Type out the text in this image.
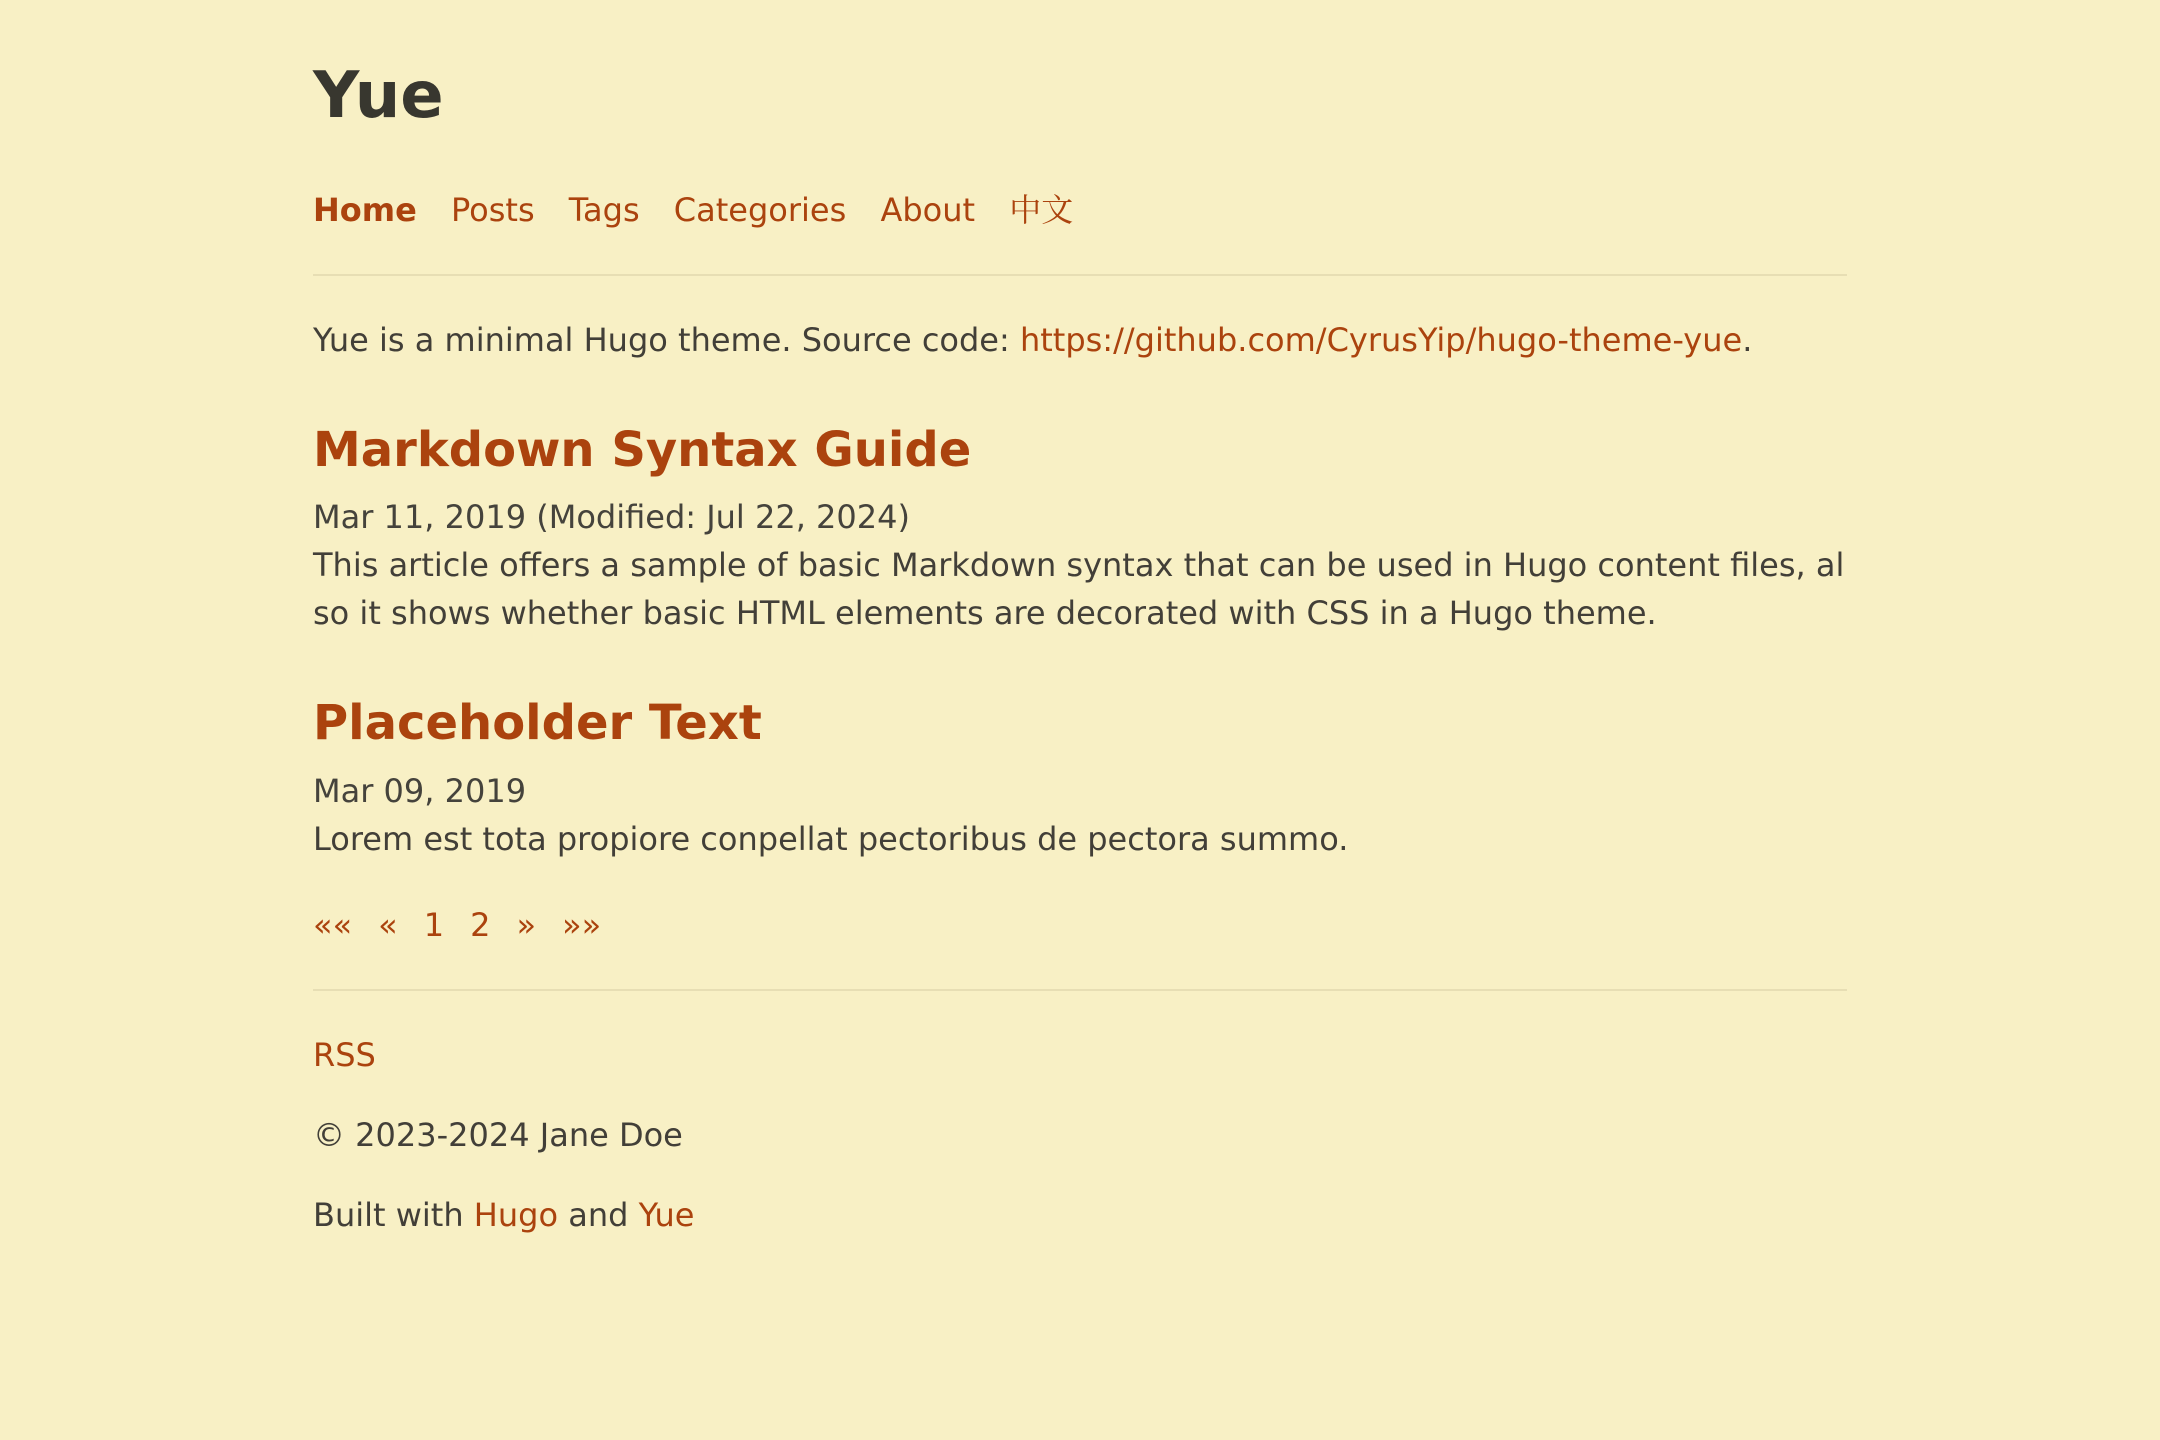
Yue
Home Posts Tags Categories About 中文

Yue is a minimal Hugo theme. Source code: https://github.com/CyrusYip/hugo-theme-yue.

Markdown Syntax Guide

Mar 11, 2019 (Modified: Jul 22, 2024)

This article offers a sample of basic Markdown syntax that can be used in Hugo content files, also it shows whether basic HTML elements are decorated with CSS in a Hugo theme.

Placeholder Text

Mar 09, 2019

Lorem est tota propiore conpellat pectoribus de pectora summo.

«« « 1 2 » »»

RSS

© 2023-2024 Jane Doe

Built with Hugo and Yue
